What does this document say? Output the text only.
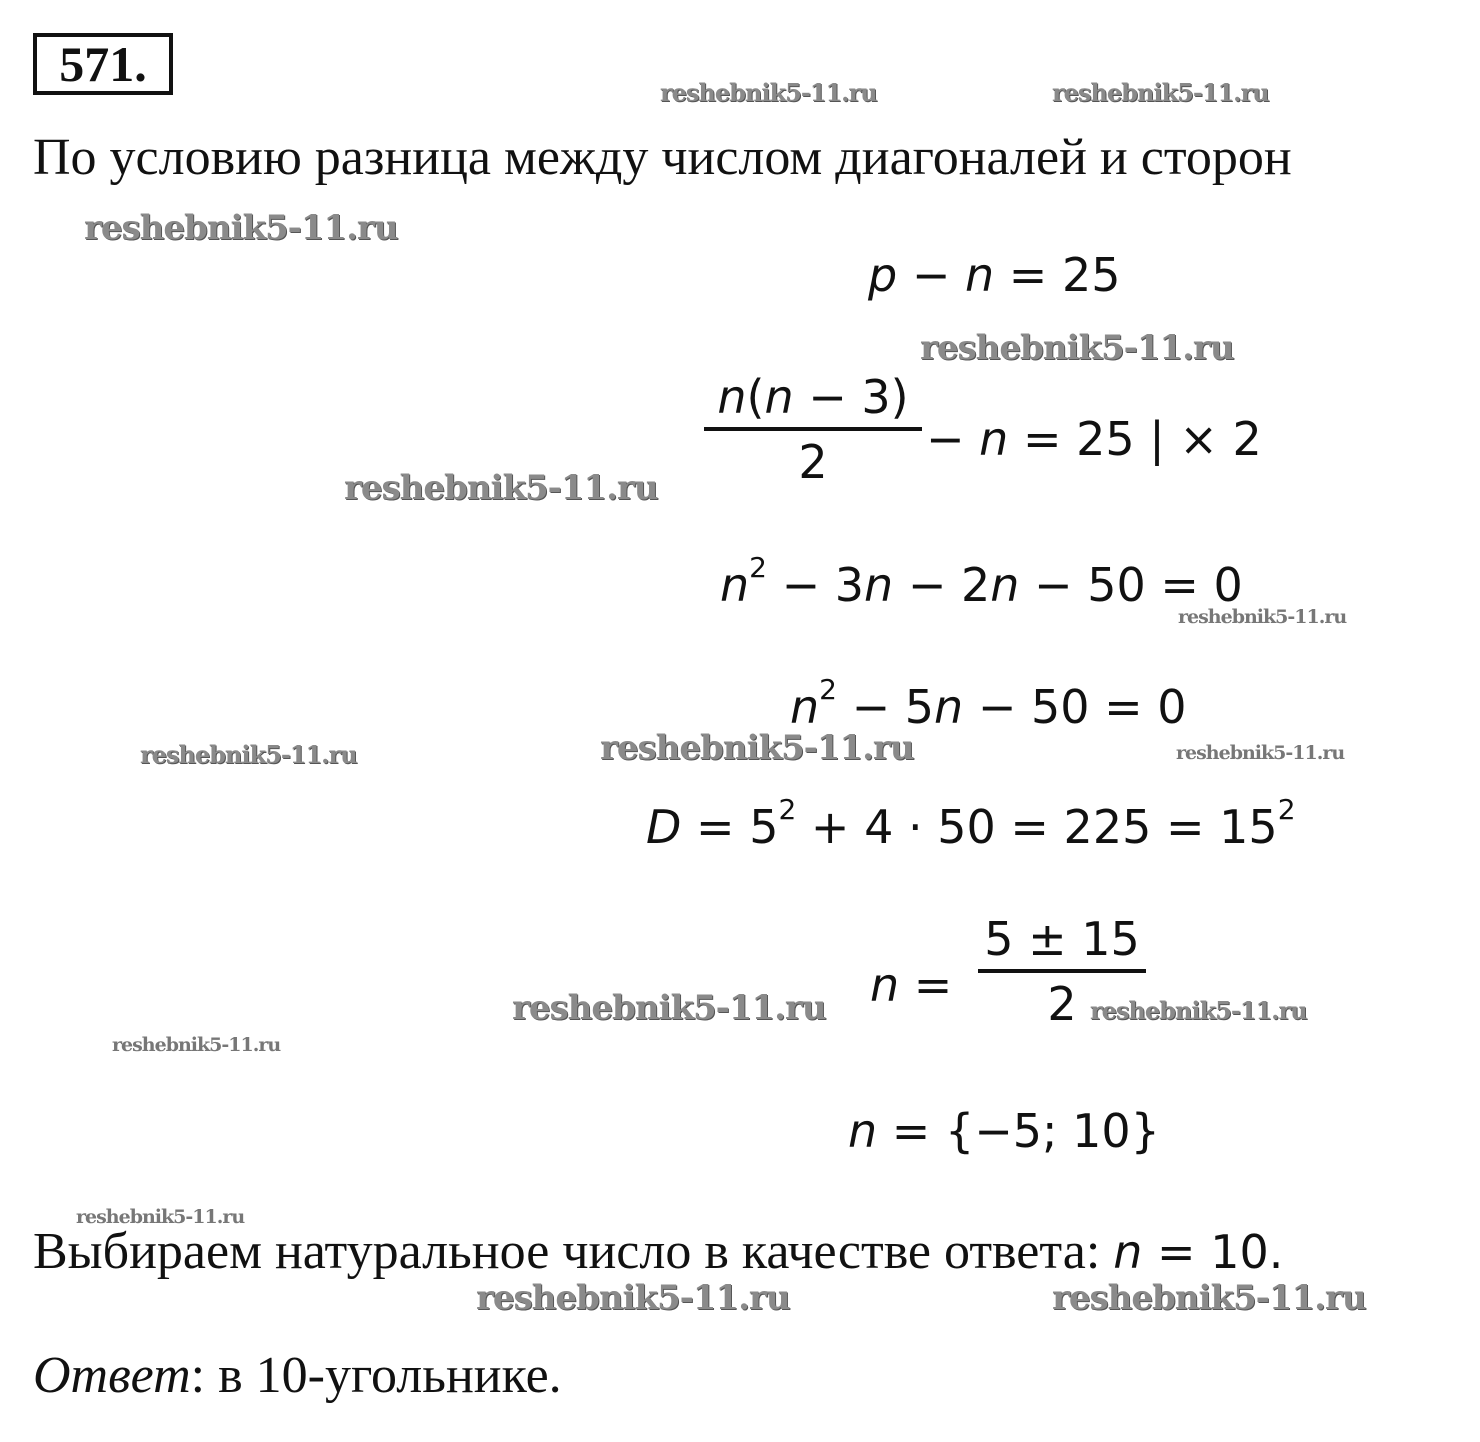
571.
По условию разница между числом диагоналей и сторон
p − n = 25
n(n − 3)
2	− n = 25 | × 2
$n^2 - 3n - 2n - 50 = 0$
$n^2 - 5n - 50 = 0$
$D = 5^2 + 4 \cdot 50 = 225 = 15^2$
n =
5 ± 15
2
n = {−5; 10}
Выбираем натуральное число в качестве ответа: n = 10.
Ответ: в 10-угольнике.
reshebnik5-11.ru	reshebnik5-11.ru
reshebnik5-11.ru
reshebnik5-11.ru
reshebnik5-11.ru
reshebnik5-11.ru
reshebnik5-11.ru	reshebnik5-11.ru	reshebnik5-11.ru
reshebnik5-11.ru	reshebnik5-11.ru
reshebnik5-11.ru
reshebnik5-11.ru
reshebnik5-11.ru	reshebnik5-11.ru
